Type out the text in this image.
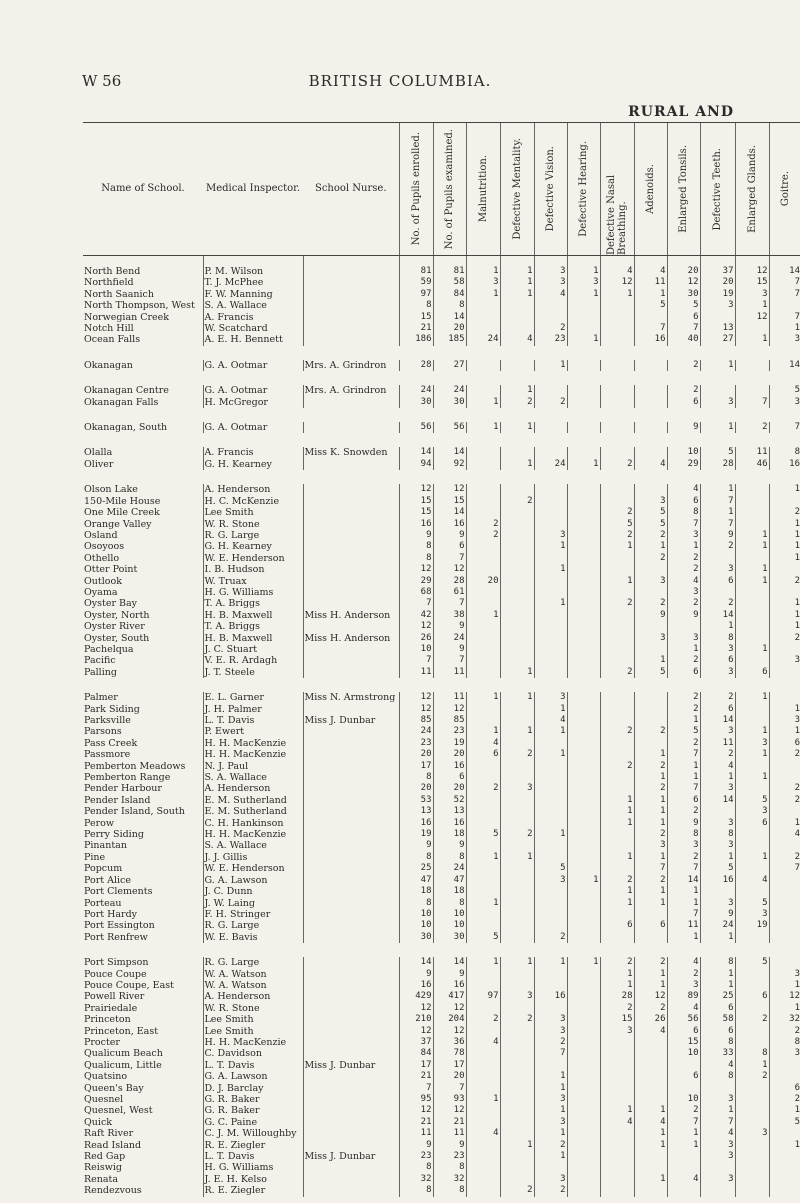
W 56	BRITISH COLUMBIA.
RURAL AND
Name of School.	Medical Inspector.	School Nurse.	No. of Pupils enrolled.	No. of Pupils examined.	Malnutrition.	Defective Mentality.	Defective Vision.	Defective Hearing.	Defective Nasal Breathing.	Adenoids.	Enlarged Tonsils.	Defective Teeth.	Enlarged Glands.	Goitre.

North Bend	P. M. Wilson		81	81	1	1	3	1	4	4	20	37	12	14
Northfield	T. J. McPhee		59	58	3	1	3	3	12	11	12	20	15	7
North Saanich	F. W. Manning		97	84	1	1	4	1	1	1	30	19	3	7
North Thompson, West	S. A. Wallace		8	8						5	5	3	1	
Norwegian Creek	A. Francis		15	14							6		12	7
Notch Hill	W. Scatchard		21	20			2			7	7	13		1
Ocean Falls	A. E. H. Bennett		186	185	24	4	23	1		16	40	27	1	3

Okanagan	G. A. Ootmar	Mrs. A. Grindron	28	27			1				2	1		14

Okanagan Centre	G. A. Ootmar	Mrs. A. Grindron	24	24		1					2			5
Okanagan Falls	H. McGregor		30	30	1	2	2				6	3	7	3

Okanagan, South	G. A. Ootmar		56	56	1	1					9	1	2	7

Olalla	A. Francis	Miss K. Snowden	14	14							10	5	11	8
Oliver	G. H. Kearney		94	92		1	24	1	2	4	29	28	46	16

Olson Lake	A. Henderson		12	12							4	1		1
150-Mile House	H. C. McKenzie		15	15		2				3	6	7		
One Mile Creek	Lee Smith		15	14					2	5	8	1		2
Orange Valley	W. R. Stone		16	16	2				5	5	7	7		1
Osland	R. G. Large		9	9	2		3		2	2	3	9	1	1
Osoyoos	G. H. Kearney		8	6			1		1	1	1	2	1	1
Othello	W. E. Henderson		8	7						2	2			1
Otter Point	I. B. Hudson		12	12			1				2	3	1	
Outlook	W. Truax		29	28	20				1	3	4	6	1	2
Oyama	H. G. Williams		68	61							3			
Oyster Bay	T. A. Briggs		7	7			1		2	2	2	2		1
Oyster, North	H. B. Maxwell	Miss H. Anderson	42	38	1					9	9	14		1
Oyster River	T. A. Briggs		12	9								1		1
Oyster, South	H. B. Maxwell	Miss H. Anderson	26	24						3	3	8		2
Pachelqua	J. C. Stuart		10	9							1	3	1	
Pacific	V. E. R. Ardagh		7	7						1	2	6		3
Palling	J. T. Steele		11	11		1			2	5	6	3	6	

Palmer	E. L. Garner	Miss N. Armstrong	12	11	1	1	3				2	2	1	
Park Siding	J. H. Palmer		12	12			1				2	6		1
Parksville	L. T. Davis	Miss J. Dunbar	85	85			4				1	14		3
Parsons	P. Ewert		24	23	1	1	1		2	2	5	3	1	1
Pass Creek	H. H. MacKenzie		23	19	4						2	11	3	6
Passmore	H. H. MacKenzie		20	20	6	2	1			1	7	2	1	2
Pemberton Meadows	N. J. Paul		17	16					2	2	1	4		
Pemberton Range	S. A. Wallace		8	6						1	1	1	1	
Pender Harbour	A. Henderson		20	20	2	3				2	7	3		2
Pender Island	E. M. Sutherland		53	52					1	1	6	14	5	2
Pender Island, South	E. M. Sutherland		13	13					1	1	2		3	
Perow	C. H. Hankinson		16	16					1	1	9	3	6	1
Perry Siding	H. H. MacKenzie		19	18	5	2	1			2	8	8		4
Pinantan	S. A. Wallace		9	9						3	3	3		
Pine	J. J. Gillis		8	8	1	1			1	1	2	1	1	2
Popcum	W. E. Henderson		25	24			5			7	7	5		7
Port Alice	G. A. Lawson		47	47			3	1	2	2	14	16	4	
Port Clements	J. C. Dunn		18	18					1	1	1			
Porteau	J. W. Laing		8	8	1				1	1	1	3	5	
Port Hardy	F. H. Stringer		10	10							7	9	3	
Port Essington	R. G. Large		10	10					6	6	11	24	19	
Port Renfrew	W. E. Bavis		30	30	5		2				1	1		

Port Simpson	R. G. Large		14	14	1	1	1	1	2	2	4	8	5	
Pouce Coupe	W. A. Watson		9	9					1	1	2	1		3
Pouce Coupe, East	W. A. Watson		16	16					1	1	3	1		1
Powell River	A. Henderson		429	417	97	3	16		28	12	89	25	6	12
Prairiedale	W. R. Stone		12	12					2	2	4	6		1
Princeton	Lee Smith		210	204	2	2	3		15	26	56	58	2	32
Princeton, East	Lee Smith		12	12			3		3	4	6	6		2
Procter	H. H. MacKenzie		37	36	4		2				15	8		8
Qualicum Beach	C. Davidson		84	78			7				10	33	8	3
Qualicum, Little	L. T. Davis	Miss J. Dunbar	17	17								4	1	
Quatsino	G. A. Lawson		21	20			1				6	8	2	
Queen's Bay	D. J. Barclay		7	7			1							6
Quesnel	G. R. Baker		95	93	1		3				10	3		2
Quesnel, West	G. R. Baker		12	12			1		1	1	2	1		1
Quick	G. C. Paine		21	21			3		4	4	7	7		5
Raft River	C. J. M. Willoughby		11	11	4		1			1	1	4	3	
Read Island	R. E. Ziegler		9	9		1	2			1	1	3		1
Red Gap	L. T. Davis	Miss J. Dunbar	23	23			1					3		
Reiswig	H. G. Williams		8	8										
Renata	J. E. H. Kelso		32	32			3			1	4	3		
Rendezvous	R. E. Ziegler		8	8		2	2							
